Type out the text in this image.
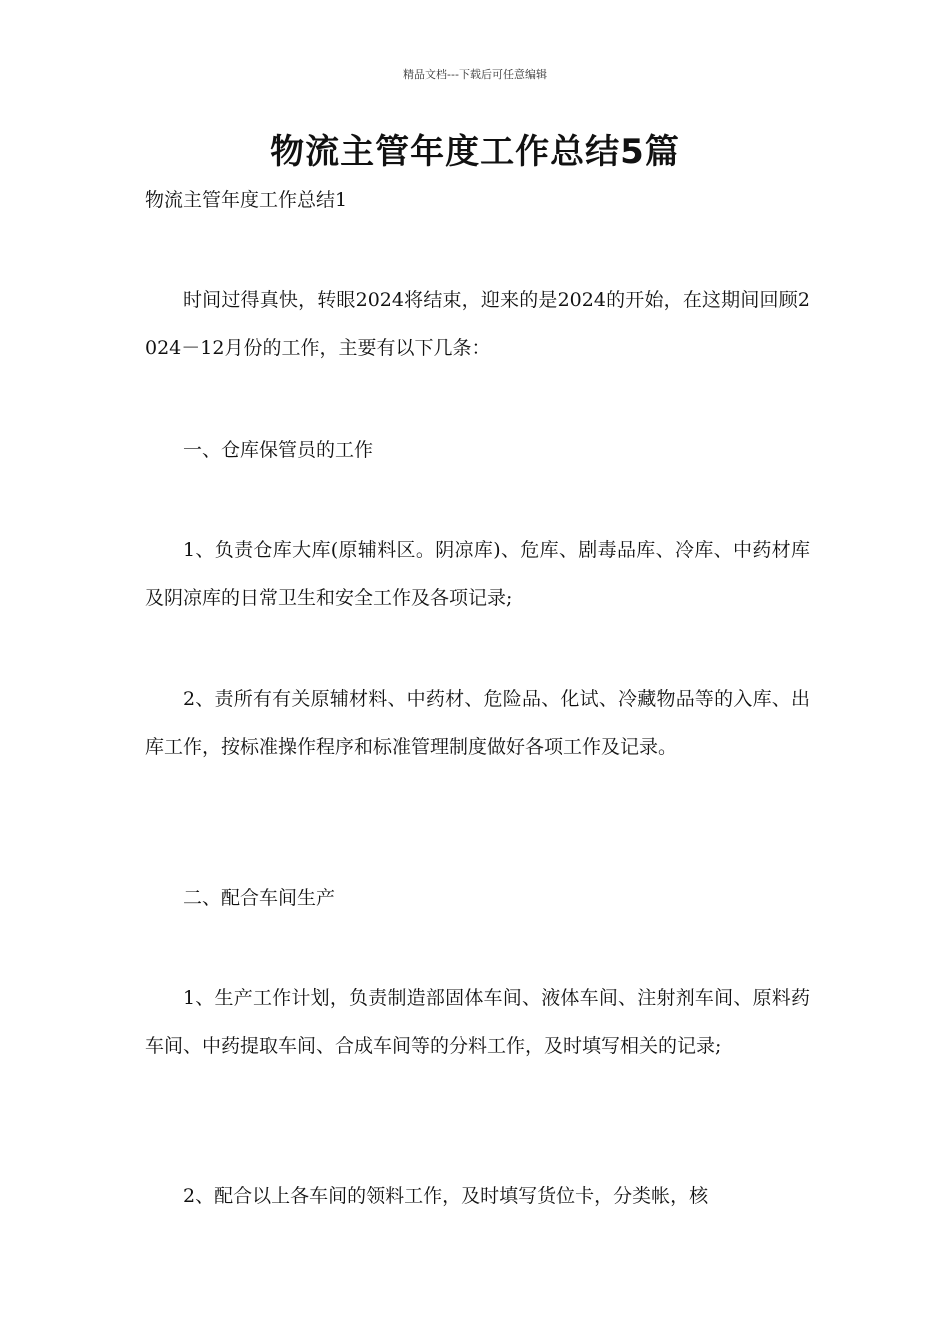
精品文档---下载后可任意编辑
物流主管年度工作总结5篇
物流主管年度工作总结1
时间过得真快，转眼2024将结束，迎来的是2024的开始，在这期间回顾2024－12月份的工作，主要有以下几条：
一、仓库保管员的工作
1、负责仓库大库(原辅料区。阴凉库)、危库、剧毒品库、冷库、中药材库及阴凉库的日常卫生和安全工作及各项记录;
2、责所有有关原辅材料、中药材、危险品、化试、冷藏物品等的入库、出库工作，按标准操作程序和标准管理制度做好各项工作及记录。
二、配合车间生产
1、生产工作计划，负责制造部固体车间、液体车间、注射剂车间、原料药车间、中药提取车间、合成车间等的分料工作，及时填写相关的记录;
2、配合以上各车间的领料工作，及时填写货位卡，分类帐，核
